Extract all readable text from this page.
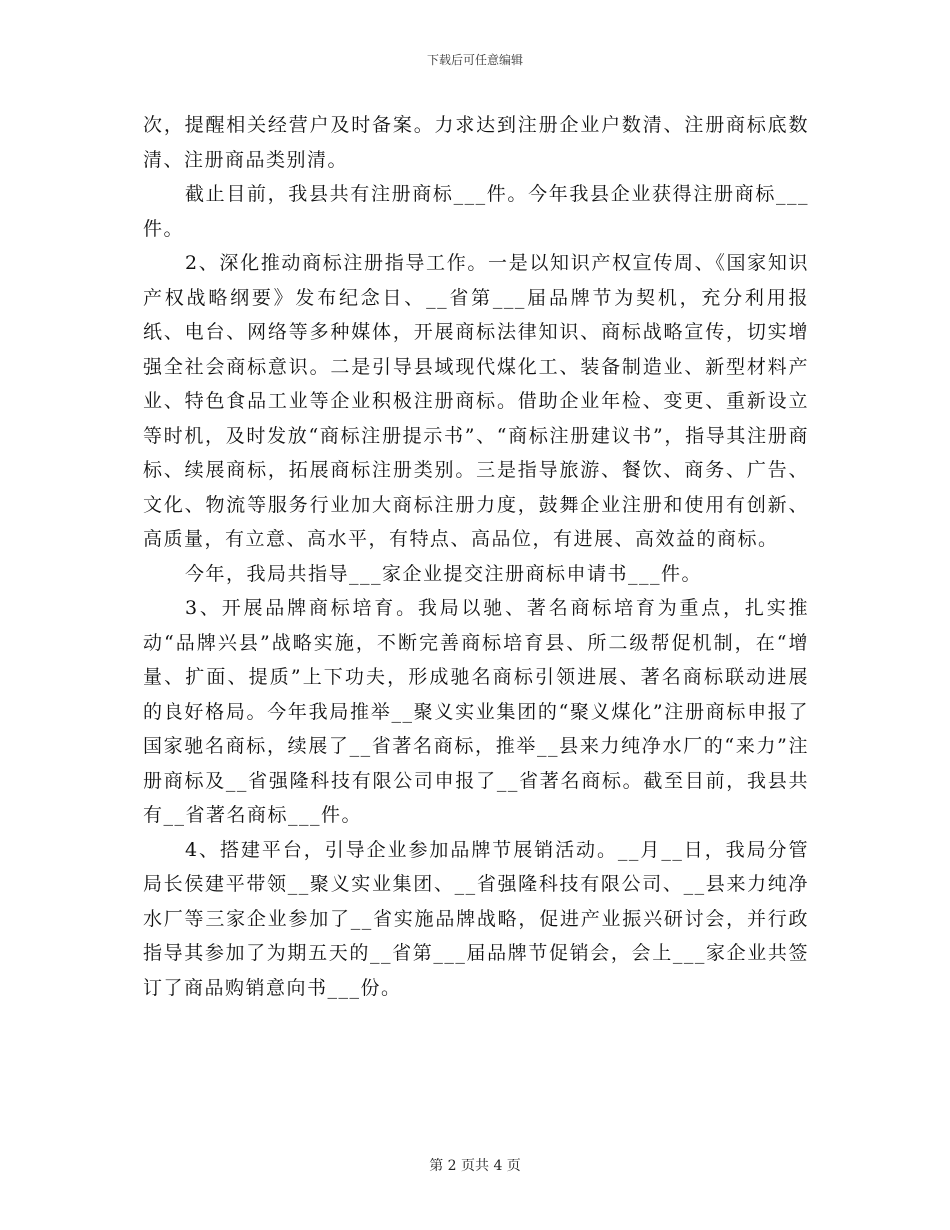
下载后可任意编辑

次，提醒相关经营户及时备案。力求达到注册企业户数清、注册商标底数清、注册商品类别清。

截止目前，我县共有注册商标___件。今年我县企业获得注册商标___件。

2、深化推动商标注册指导工作。一是以知识产权宣传周、《国家知识产权战略纲要》发布纪念日、__省第___届品牌节为契机，充分利用报纸、电台、网络等多种媒体，开展商标法律知识、商标战略宣传，切实增强全社会商标意识。二是引导县域现代煤化工、装备制造业、新型材料产业、特色食品工业等企业积极注册商标。借助企业年检、变更、重新设立等时机，及时发放“商标注册提示书”、“商标注册建议书”，指导其注册商标、续展商标，拓展商标注册类别。三是指导旅游、餐饮、商务、广告、文化、物流等服务行业加大商标注册力度，鼓舞企业注册和使用有创新、高质量，有立意、高水平，有特点、高品位，有进展、高效益的商标。

今年，我局共指导___家企业提交注册商标申请书___件。

3、开展品牌商标培育。我局以驰、著名商标培育为重点，扎实推动“品牌兴县”战略实施，不断完善商标培育县、所二级帮促机制，在“增量、扩面、提质”上下功夫，形成驰名商标引领进展、著名商标联动进展的良好格局。今年我局推举__聚义实业集团的“聚义煤化”注册商标申报了国家驰名商标，续展了__省著名商标，推举__县来力纯净水厂的“来力”注册商标及__省强隆科技有限公司申报了__省著名商标。截至目前，我县共有__省著名商标___件。

4、搭建平台，引导企业参加品牌节展销活动。__月__日，我局分管局长侯建平带领__聚义实业集团、__省强隆科技有限公司、__县来力纯净水厂等三家企业参加了__省实施品牌战略，促进产业振兴研讨会，并行政指导其参加了为期五天的__省第___届品牌节促销会，会上___家企业共签订了商品购销意向书___份。

第 2 页共 4 页
